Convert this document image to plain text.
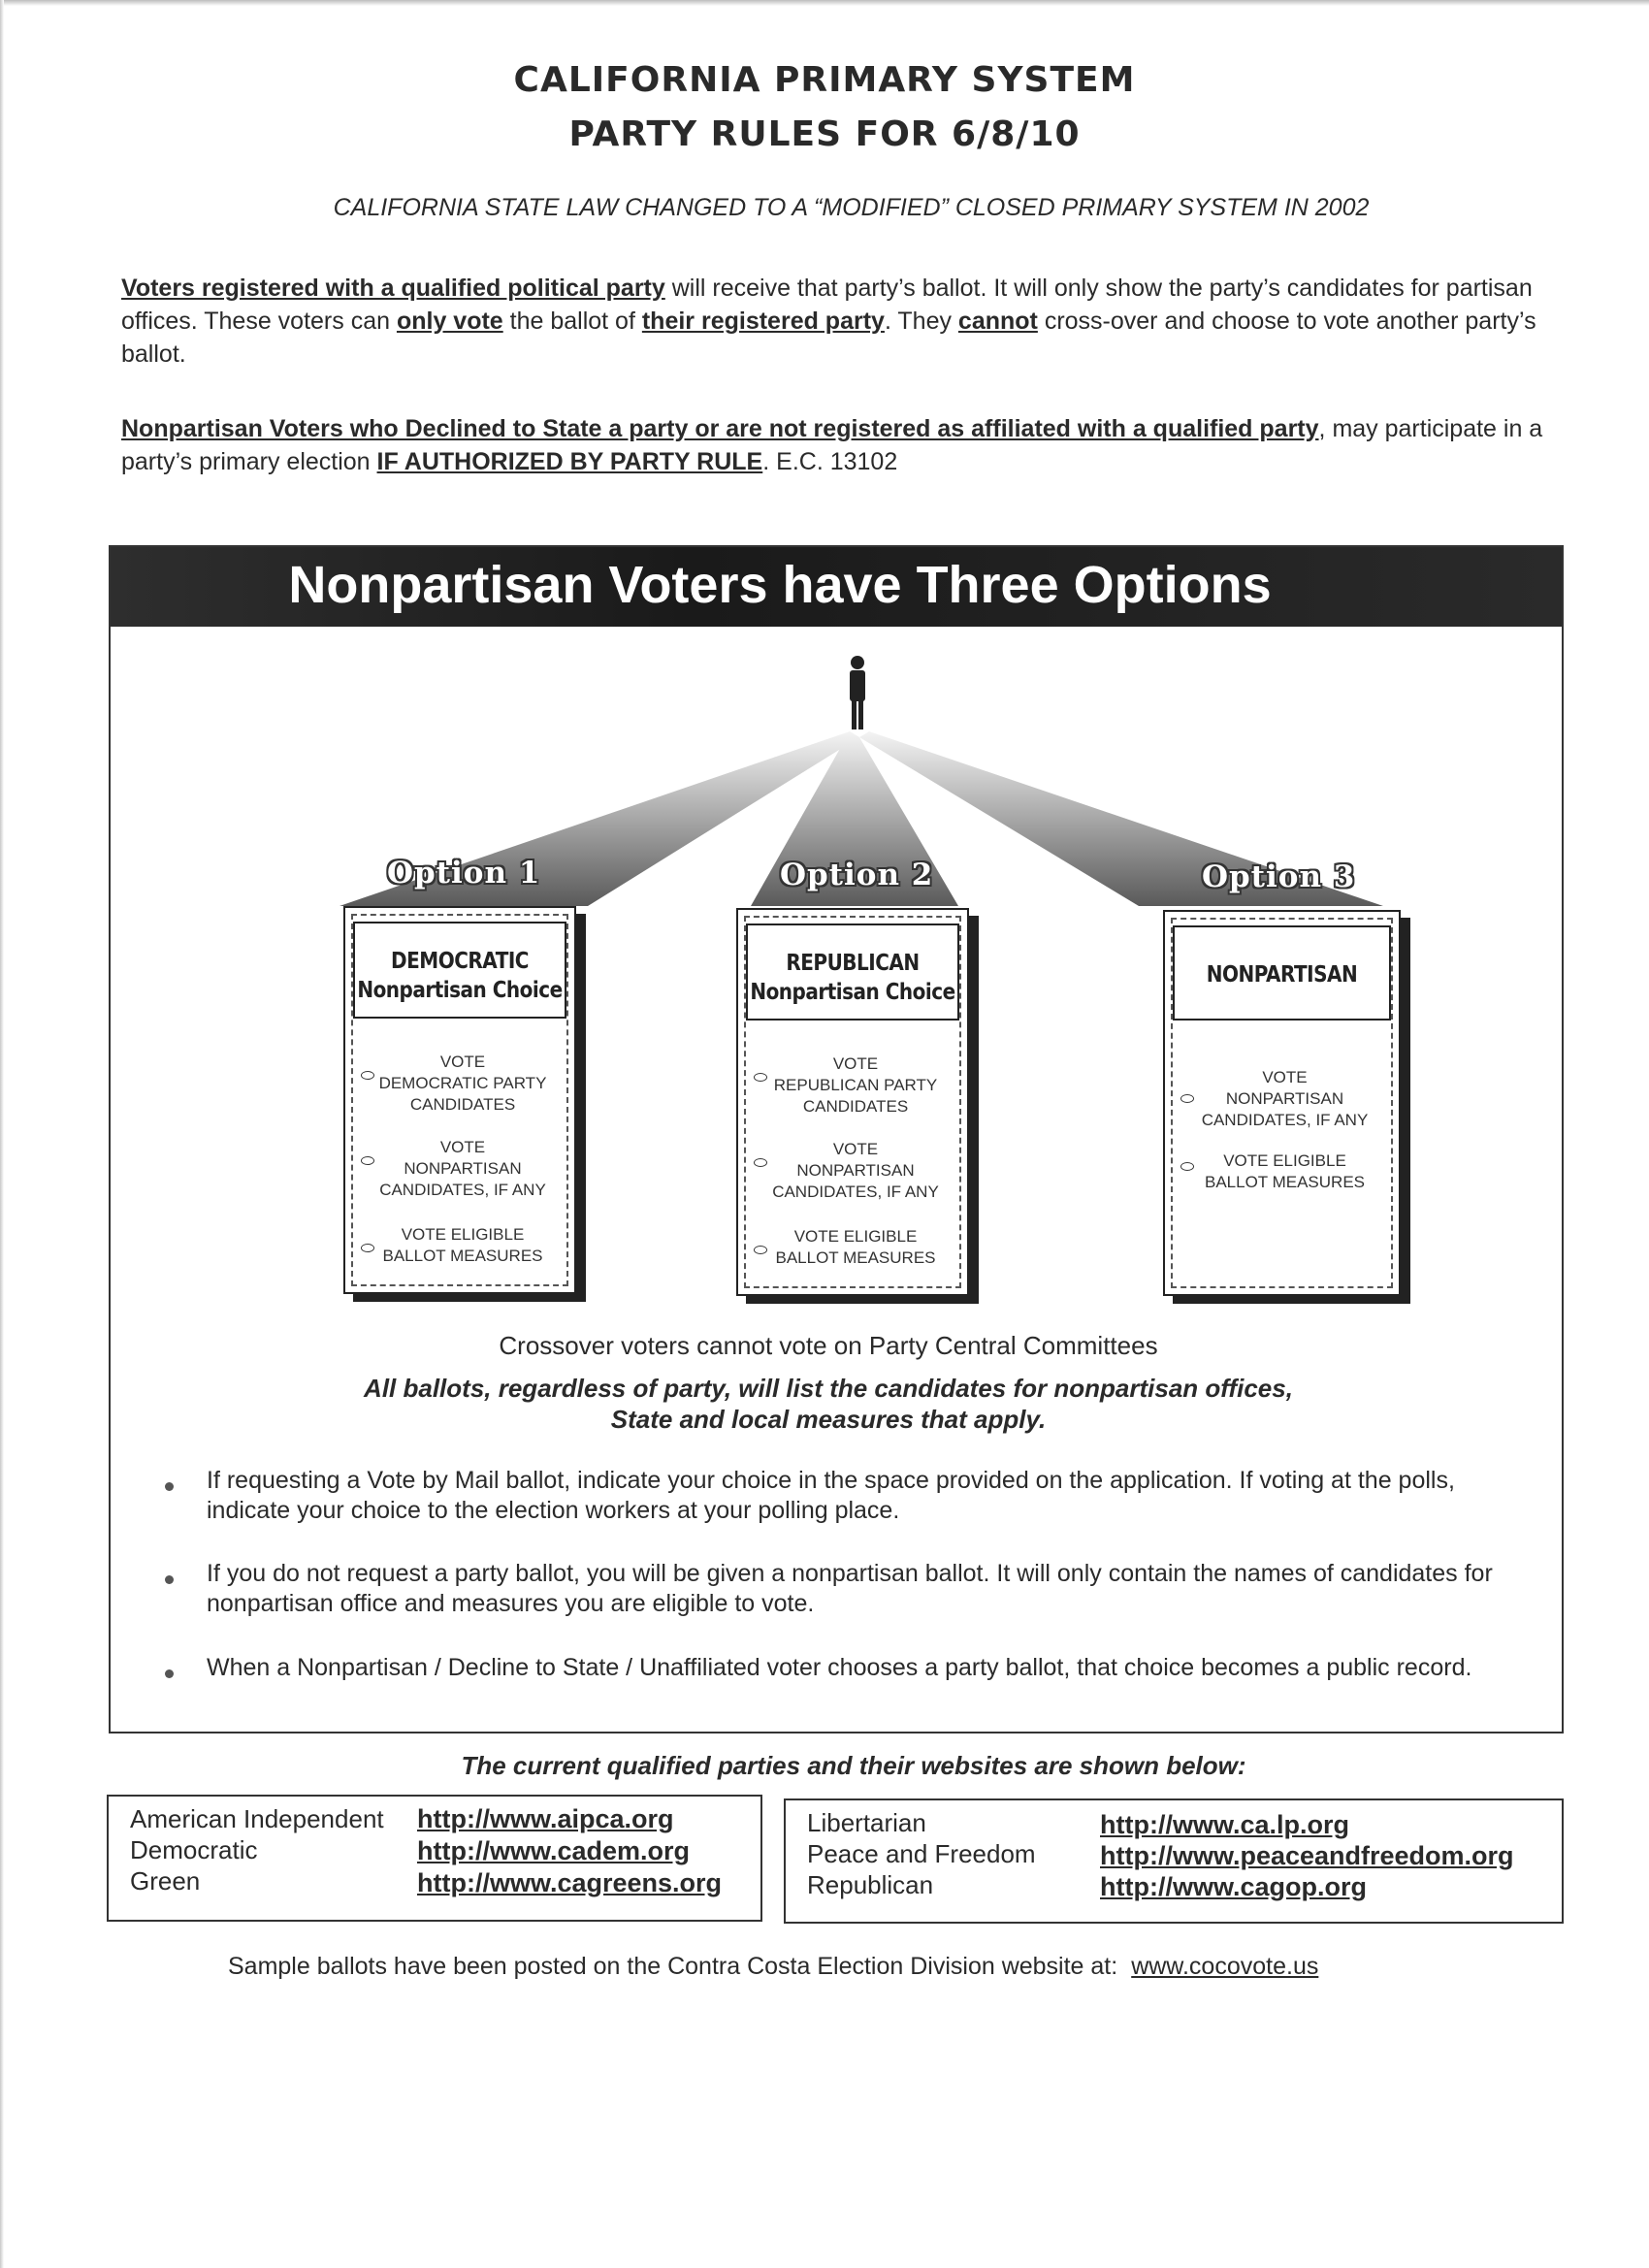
CALIFORNIA PRIMARY SYSTEM
PARTY RULES FOR 6/8/10
CALIFORNIA STATE LAW CHANGED TO A “MODIFIED” CLOSED PRIMARY SYSTEM IN 2002
Voters registered with a qualified political party will receive that party’s ballot. It will only show the party’s candidates for partisan offices. These voters can only vote the ballot of their registered party. They cannot cross-over and choose to vote another party’s ballot.
Nonpartisan Voters who Declined to State a party or are not registered as affiliated with a qualified party, may participate in a party’s primary election IF AUTHORIZED BY PARTY RULE. E.C. 13102
Nonpartisan Voters have Three Options
Option 1	Option 2	Option 3
DEMOCRATIC
Nonpartisan Choice
VOTE
DEMOCRATIC PARTY
CANDIDATES
VOTE
NONPARTISAN
CANDIDATES, IF ANY
VOTE ELIGIBLE
BALLOT MEASURES
REPUBLICAN
Nonpartisan Choice
VOTE
REPUBLICAN PARTY
CANDIDATES
VOTE
NONPARTISAN
CANDIDATES, IF ANY
VOTE ELIGIBLE
BALLOT MEASURES
NONPARTISAN
VOTE
NONPARTISAN
CANDIDATES, IF ANY
VOTE ELIGIBLE
BALLOT MEASURES
Crossover voters cannot vote on Party Central Committees
All ballots, regardless of party, will list the candidates for nonpartisan offices,
State and local measures that apply.
If requesting a Vote by Mail ballot, indicate your choice in the space provided on the application. If voting at the polls, indicate your choice to the election workers at your polling place.
If you do not request a party ballot, you will be given a nonpartisan ballot. It will only contain the names of candidates for nonpartisan office and measures you are eligible to vote.
When a Nonpartisan / Decline to State / Unaffiliated voter chooses a party ballot, that choice becomes a public record.
The current qualified parties and their websites are shown below:
American Independent http://www.aipca.org
Democratic	http://www.cadem.org
Green	http://www.cagreens.org
Libertarian	http://www.ca.lp.org
Peace and Freedom http://www.peaceandfreedom.org
Republican	http://www.cagop.org
Sample ballots have been posted on the Contra Costa Election Division website at: www.cocovote.us
